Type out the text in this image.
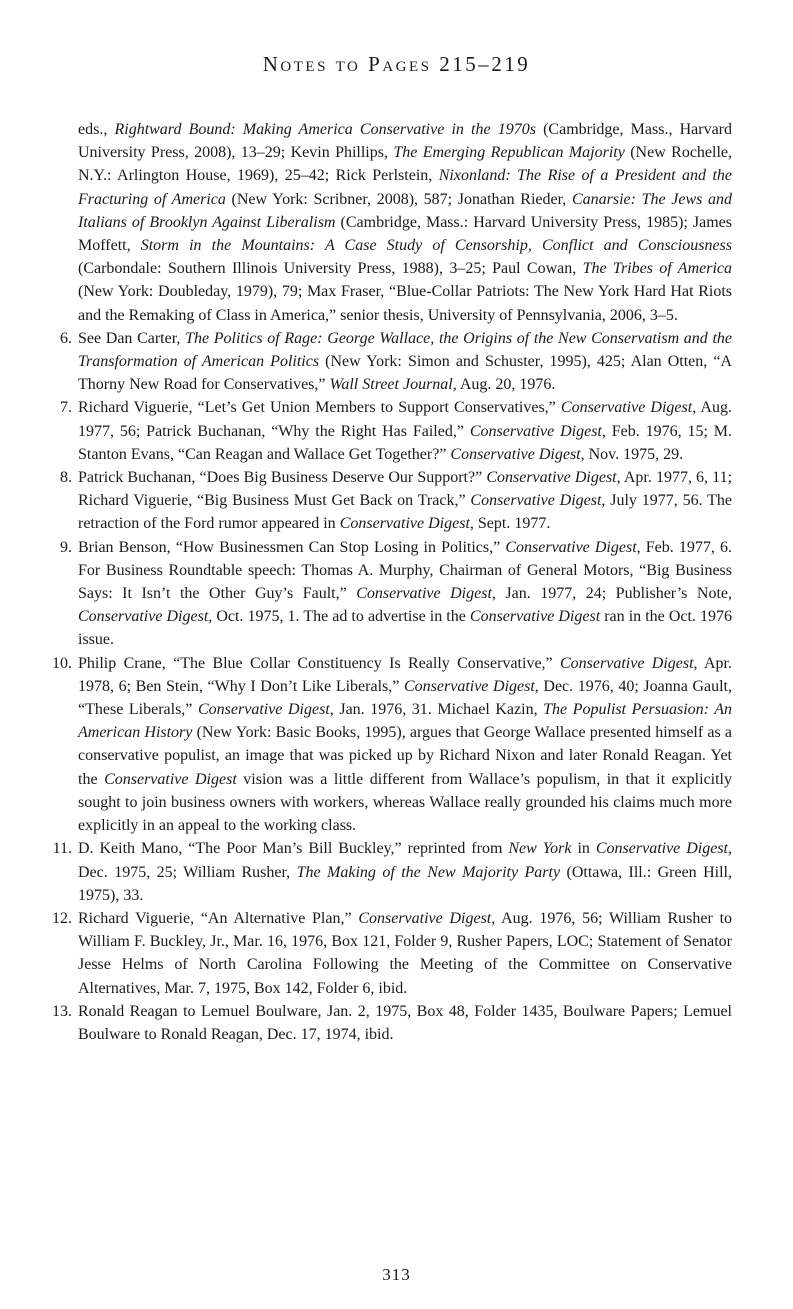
Notes to Pages 215–219

eds., Rightward Bound: Making America Conservative in the 1970s (Cambridge, Mass., Harvard University Press, 2008), 13–29; Kevin Phillips, The Emerging Republican Majority (New Rochelle, N.Y.: Arlington House, 1969), 25–42; Rick Perlstein, Nixonland: The Rise of a President and the Fracturing of America (New York: Scribner, 2008), 587; Jonathan Rieder, Canarsie: The Jews and Italians of Brooklyn Against Liberalism (Cambridge, Mass.: Harvard University Press, 1985); James Moffett, Storm in the Mountains: A Case Study of Censorship, Conflict and Consciousness (Carbondale: Southern Illinois University Press, 1988), 3–25; Paul Cowan, The Tribes of America (New York: Doubleday, 1979), 79; Max Fraser, “Blue-Collar Patriots: The New York Hard Hat Riots and the Remaking of Class in America,” senior thesis, University of Pennsylvania, 2006, 3–5.

6. See Dan Carter, The Politics of Rage: George Wallace, the Origins of the New Conservatism and the Transformation of American Politics (New York: Simon and Schuster, 1995), 425; Alan Otten, “A Thorny New Road for Conservatives,” Wall Street Journal, Aug. 20, 1976.

7. Richard Viguerie, “Let’s Get Union Members to Support Conservatives,” Conservative Digest, Aug. 1977, 56; Patrick Buchanan, “Why the Right Has Failed,” Conservative Digest, Feb. 1976, 15; M. Stanton Evans, “Can Reagan and Wallace Get Together?” Conservative Digest, Nov. 1975, 29.

8. Patrick Buchanan, “Does Big Business Deserve Our Support?” Conservative Digest, Apr. 1977, 6, 11; Richard Viguerie, “Big Business Must Get Back on Track,” Conservative Digest, July 1977, 56. The retraction of the Ford rumor appeared in Conservative Digest, Sept. 1977.

9. Brian Benson, “How Businessmen Can Stop Losing in Politics,” Conservative Digest, Feb. 1977, 6. For Business Roundtable speech: Thomas A. Murphy, Chairman of General Motors, “Big Business Says: It Isn’t the Other Guy’s Fault,” Conservative Digest, Jan. 1977, 24; Publisher’s Note, Conservative Digest, Oct. 1975, 1. The ad to advertise in the Conservative Digest ran in the Oct. 1976 issue.

10. Philip Crane, “The Blue Collar Constituency Is Really Conservative,” Conservative Digest, Apr. 1978, 6; Ben Stein, “Why I Don’t Like Liberals,” Conservative Digest, Dec. 1976, 40; Joanna Gault, “These Liberals,” Conservative Digest, Jan. 1976, 31. Michael Kazin, The Populist Persuasion: An American History (New York: Basic Books, 1995), argues that George Wallace presented himself as a conservative populist, an image that was picked up by Richard Nixon and later Ronald Reagan. Yet the Conservative Digest vision was a little different from Wallace’s populism, in that it explicitly sought to join business owners with workers, whereas Wallace really grounded his claims much more explicitly in an appeal to the working class.

11. D. Keith Mano, “The Poor Man’s Bill Buckley,” reprinted from New York in Conservative Digest, Dec. 1975, 25; William Rusher, The Making of the New Majority Party (Ottawa, Ill.: Green Hill, 1975), 33.

12. Richard Viguerie, “An Alternative Plan,” Conservative Digest, Aug. 1976, 56; William Rusher to William F. Buckley, Jr., Mar. 16, 1976, Box 121, Folder 9, Rusher Papers, LOC; Statement of Senator Jesse Helms of North Carolina Following the Meeting of the Committee on Conservative Alternatives, Mar. 7, 1975, Box 142, Folder 6, ibid.

13. Ronald Reagan to Lemuel Boulware, Jan. 2, 1975, Box 48, Folder 1435, Boulware Papers; Lemuel Boulware to Ronald Reagan, Dec. 17, 1974, ibid.

313
